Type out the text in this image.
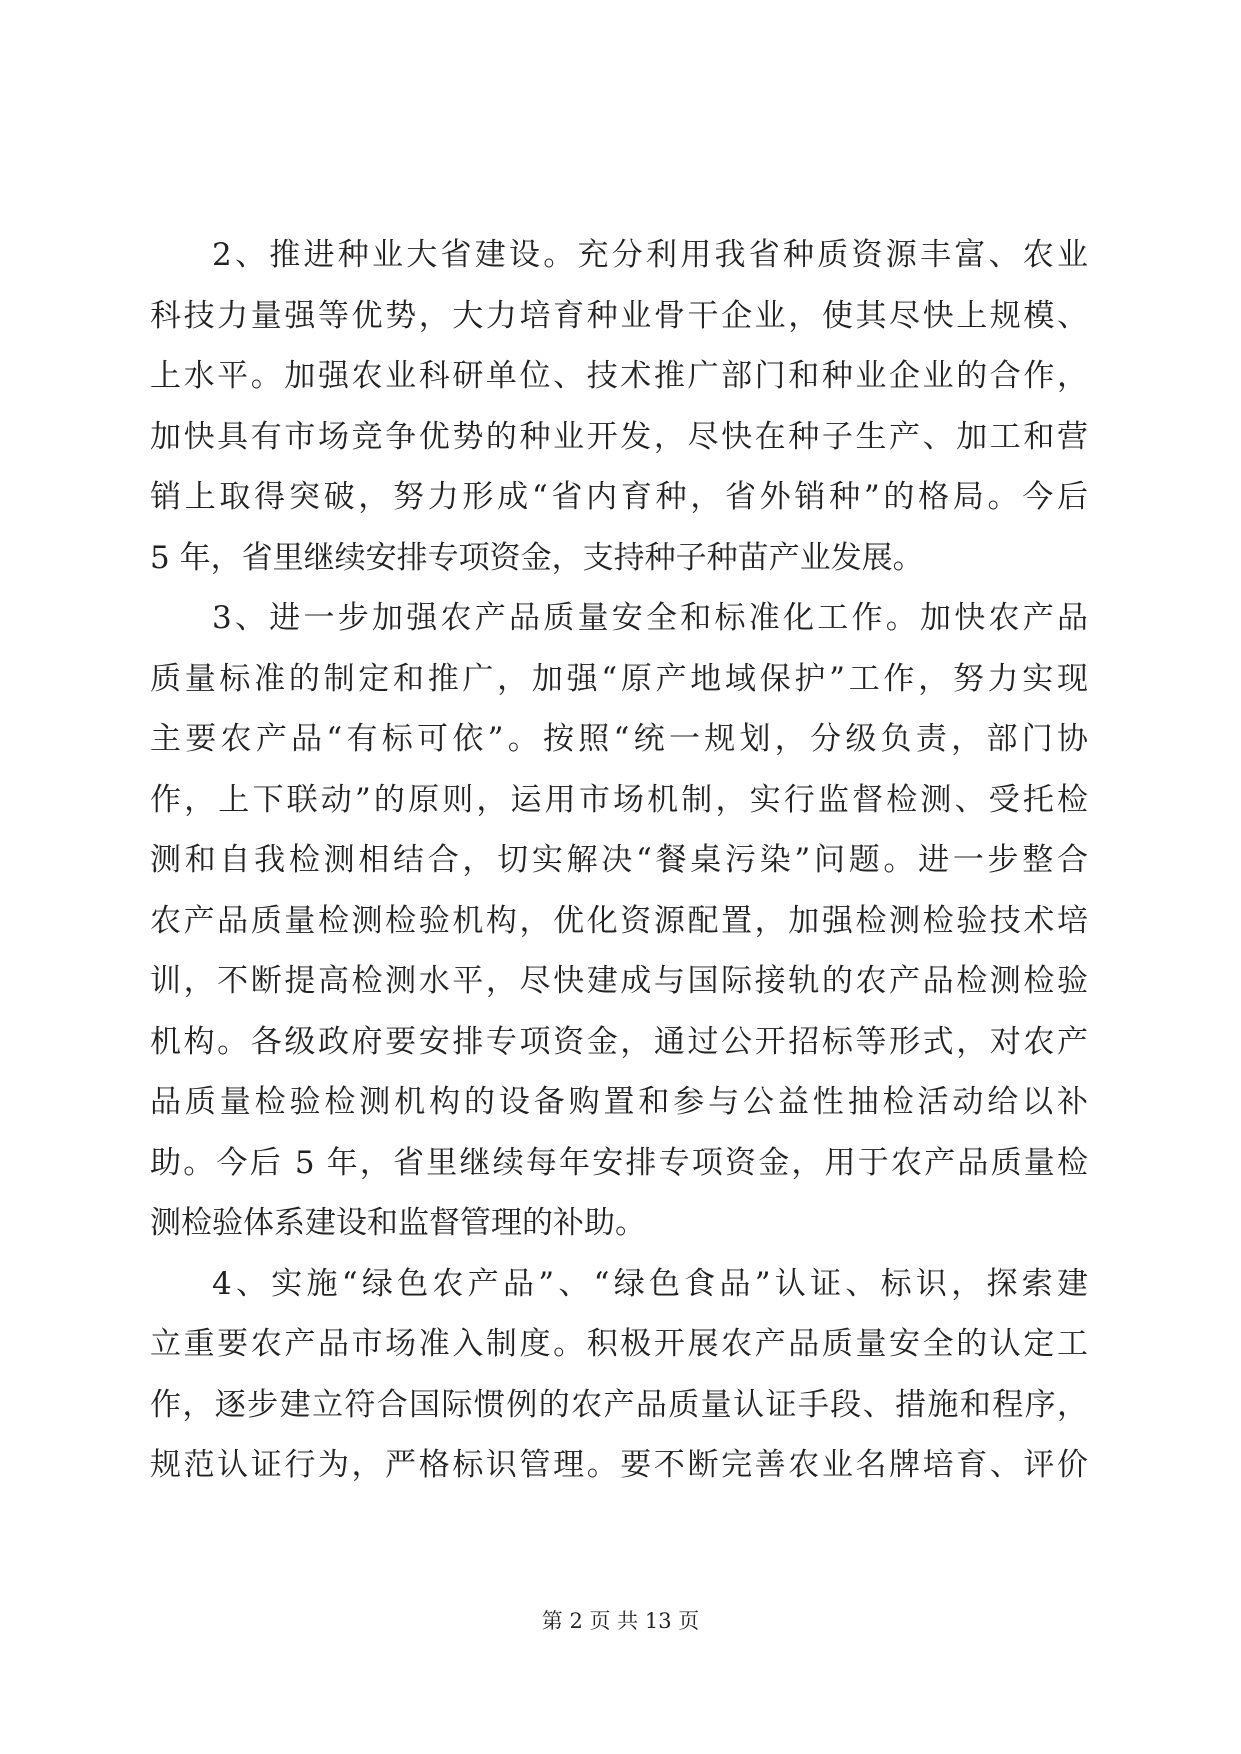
2、推进种业大省建设。充分利用我省种质资源丰富、农业
科技力量强等优势，大力培育种业骨干企业，使其尽快上规模、
上水平。加强农业科研单位、技术推广部门和种业企业的合作，
加快具有市场竞争优势的种业开发，尽快在种子生产、加工和营
销上取得突破，努力形成“省内育种，省外销种”的格局。今后
5 年，省里继续安排专项资金，支持种子种苗产业发展。
3、进一步加强农产品质量安全和标准化工作。加快农产品
质量标准的制定和推广，加强“原产地域保护”工作，努力实现
主要农产品“有标可依”。按照“统一规划，分级负责，部门协
作，上下联动”的原则，运用市场机制，实行监督检测、受托检
测和自我检测相结合，切实解决“餐桌污染”问题。进一步整合
农产品质量检测检验机构，优化资源配置，加强检测检验技术培
训，不断提高检测水平，尽快建成与国际接轨的农产品检测检验
机构。各级政府要安排专项资金，通过公开招标等形式，对农产
品质量检验检测机构的设备购置和参与公益性抽检活动给以补
助。今后 5 年，省里继续每年安排专项资金，用于农产品质量检
测检验体系建设和监督管理的补助。
4、实施“绿色农产品”、“绿色食品”认证、标识，探索建
立重要农产品市场准入制度。积极开展农产品质量安全的认定工
作，逐步建立符合国际惯例的农产品质量认证手段、措施和程序，
规范认证行为，严格标识管理。要不断完善农业名牌培育、评价
第 2 页 共 13 页
